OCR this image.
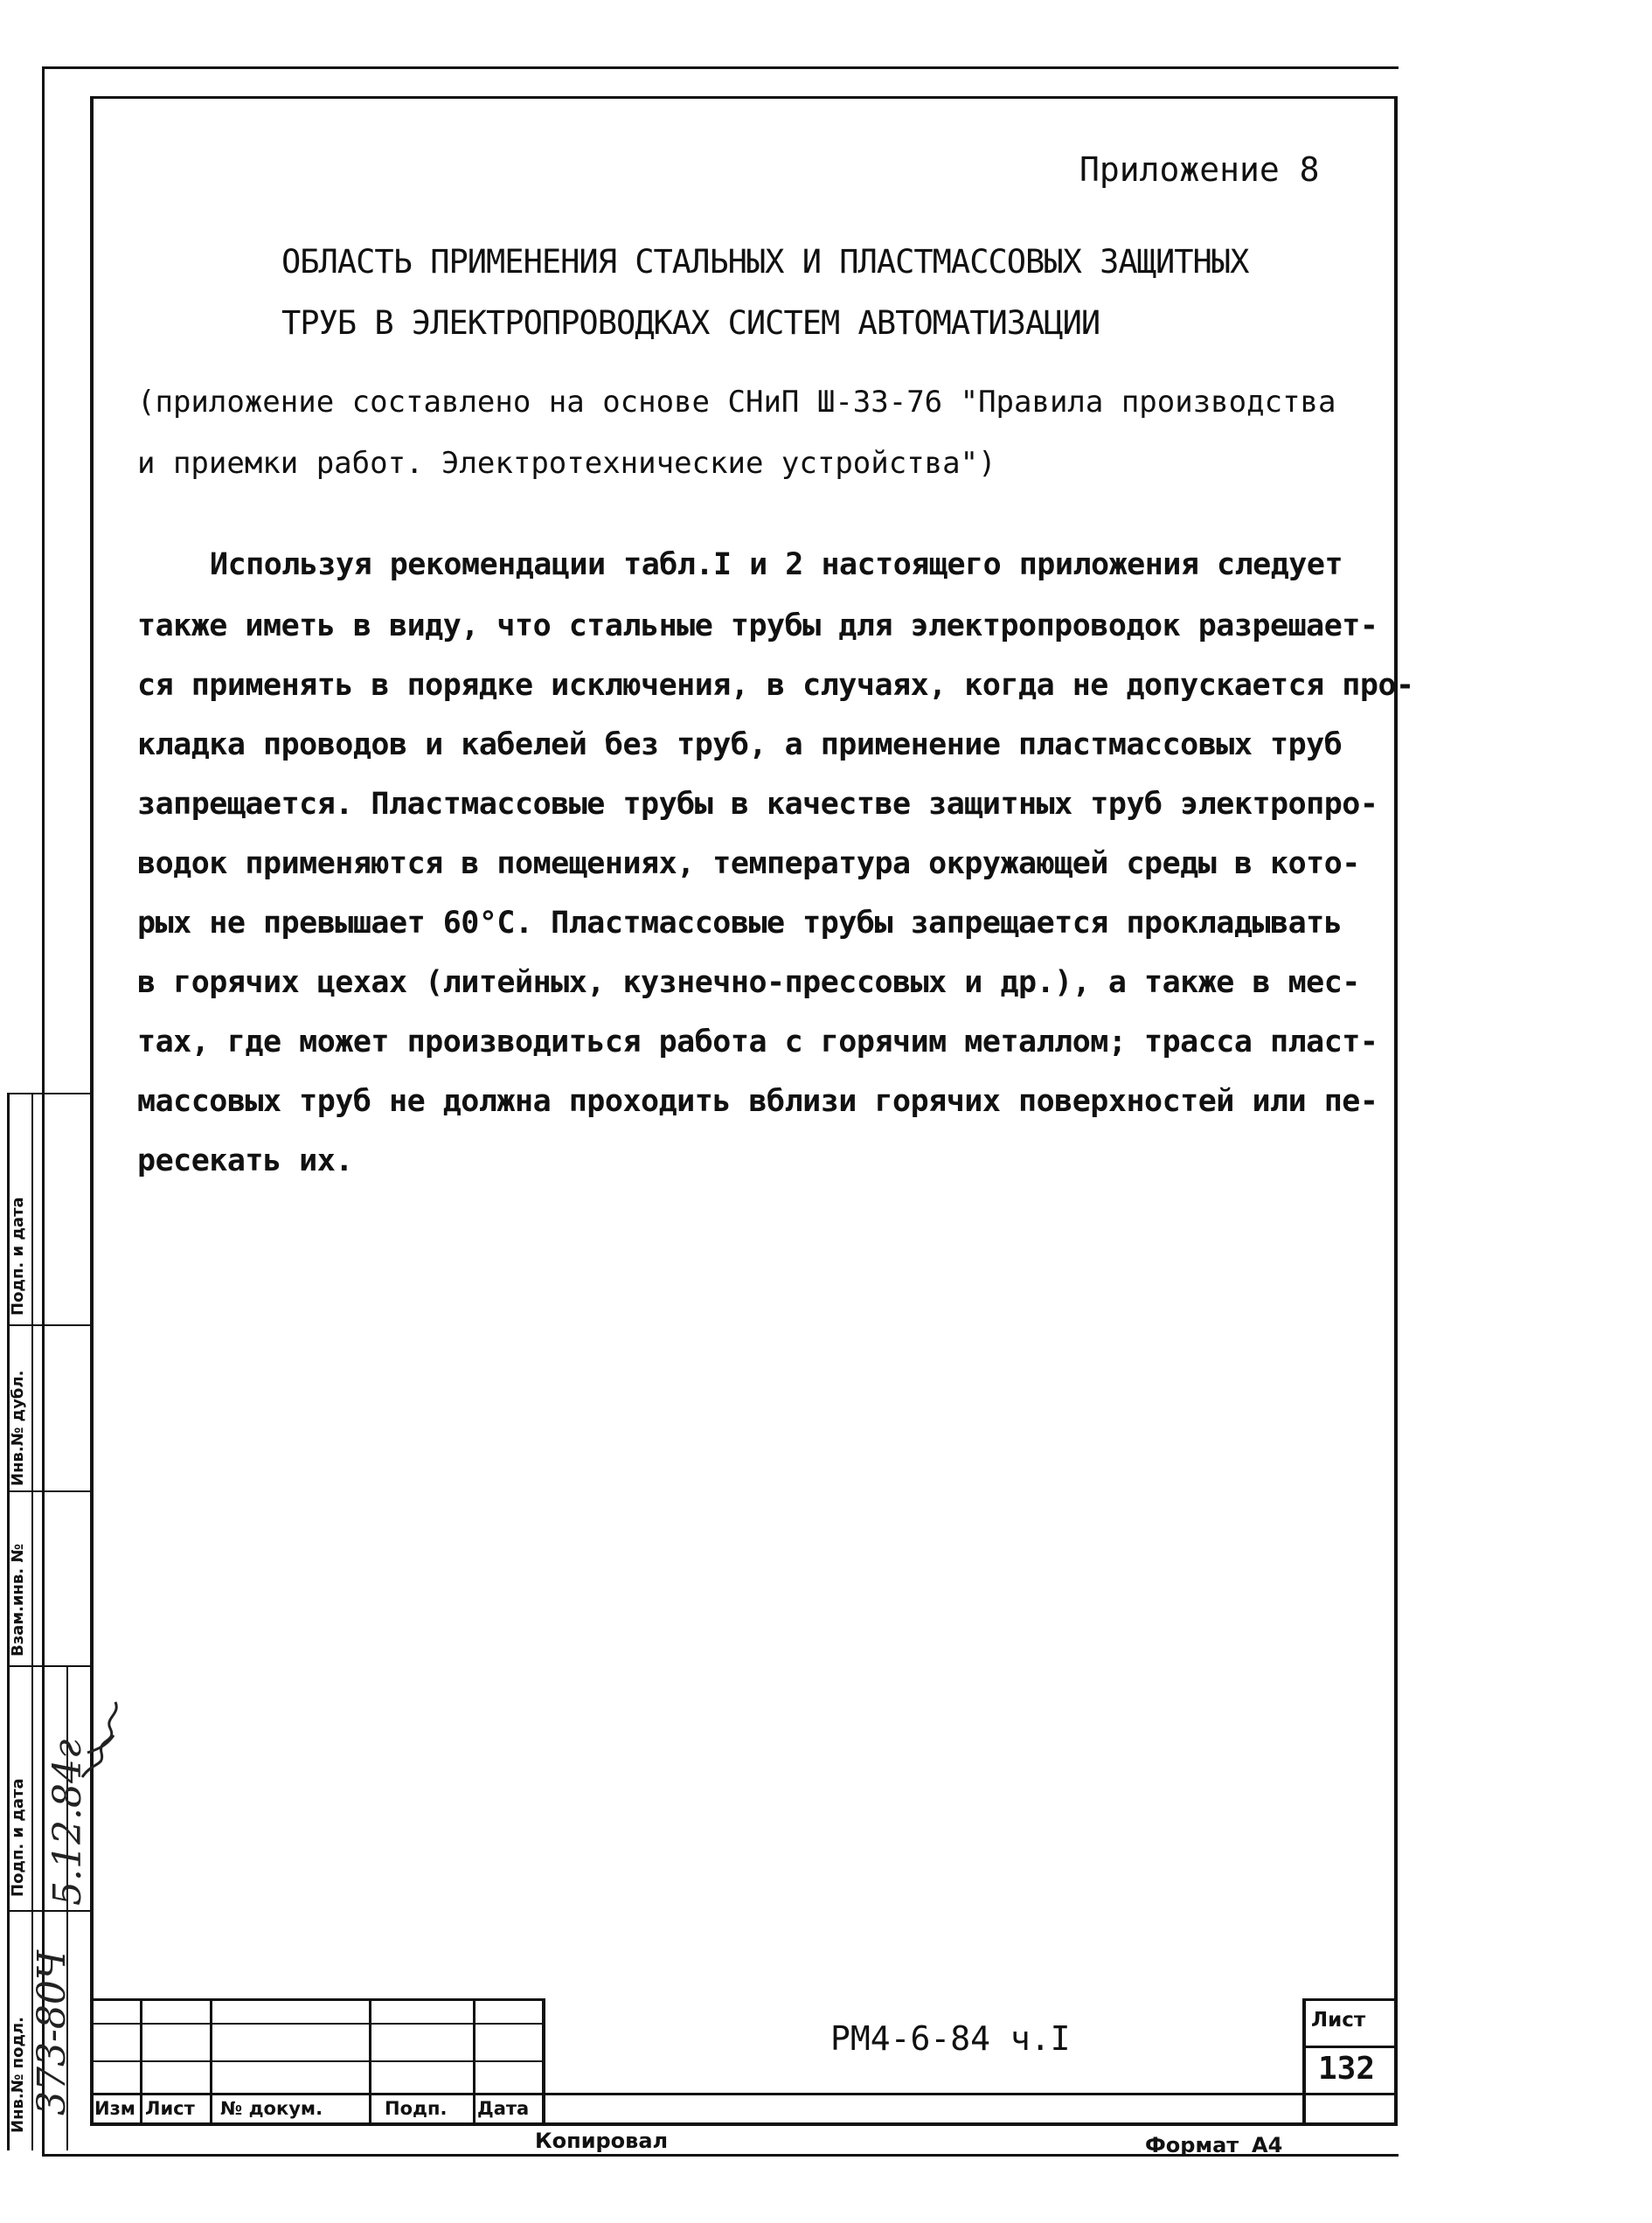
Приложение 8
ОБЛАСТЬ ПРИМЕНЕНИЯ СТАЛЬНЫХ И ПЛАСТМАССОВЫХ ЗАЩИТНЫХ
ТРУБ В ЭЛЕКТРОПРОВОДКАХ СИСТЕМ АВТОМАТИЗАЦИИ
(приложение составлено на основе СНиП Ш-33-76 "Правила производства
и приемки работ. Электротехнические устройства")
Используя рекомендации табл.I и 2 настоящего приложения следует
также иметь в виду, что стальные трубы для электропроводок разрешает-
ся применять в порядке исключения, в случаях, когда не допускается про-
кладка проводов и кабелей без труб, а применение пластмассовых труб
запрещается. Пластмассовые трубы в качестве защитных труб электропро-
водок применяются в помещениях, температура окружающей среды в кото-
рых не превышает 60°С. Пластмассовые трубы запрещается прокладывать
в горячих цехах (литейных, кузнечно-прессовых и др.), а также в мес-
тах, где может производиться работа с горячим металлом; трасса пласт-
массовых труб не должна проходить вблизи горячих поверхностей или пе-
ресекать их.
Инв.№ подл.
Подп. и дата
Взам.инв. №
Инв.№ дубл.
Подп. и дата
373-80Ч
5.12.84г
Изм Лист № докум.	Подп. Дата
РМ4-6-84 ч.I	Лист
132
Копировал	Формат А4
